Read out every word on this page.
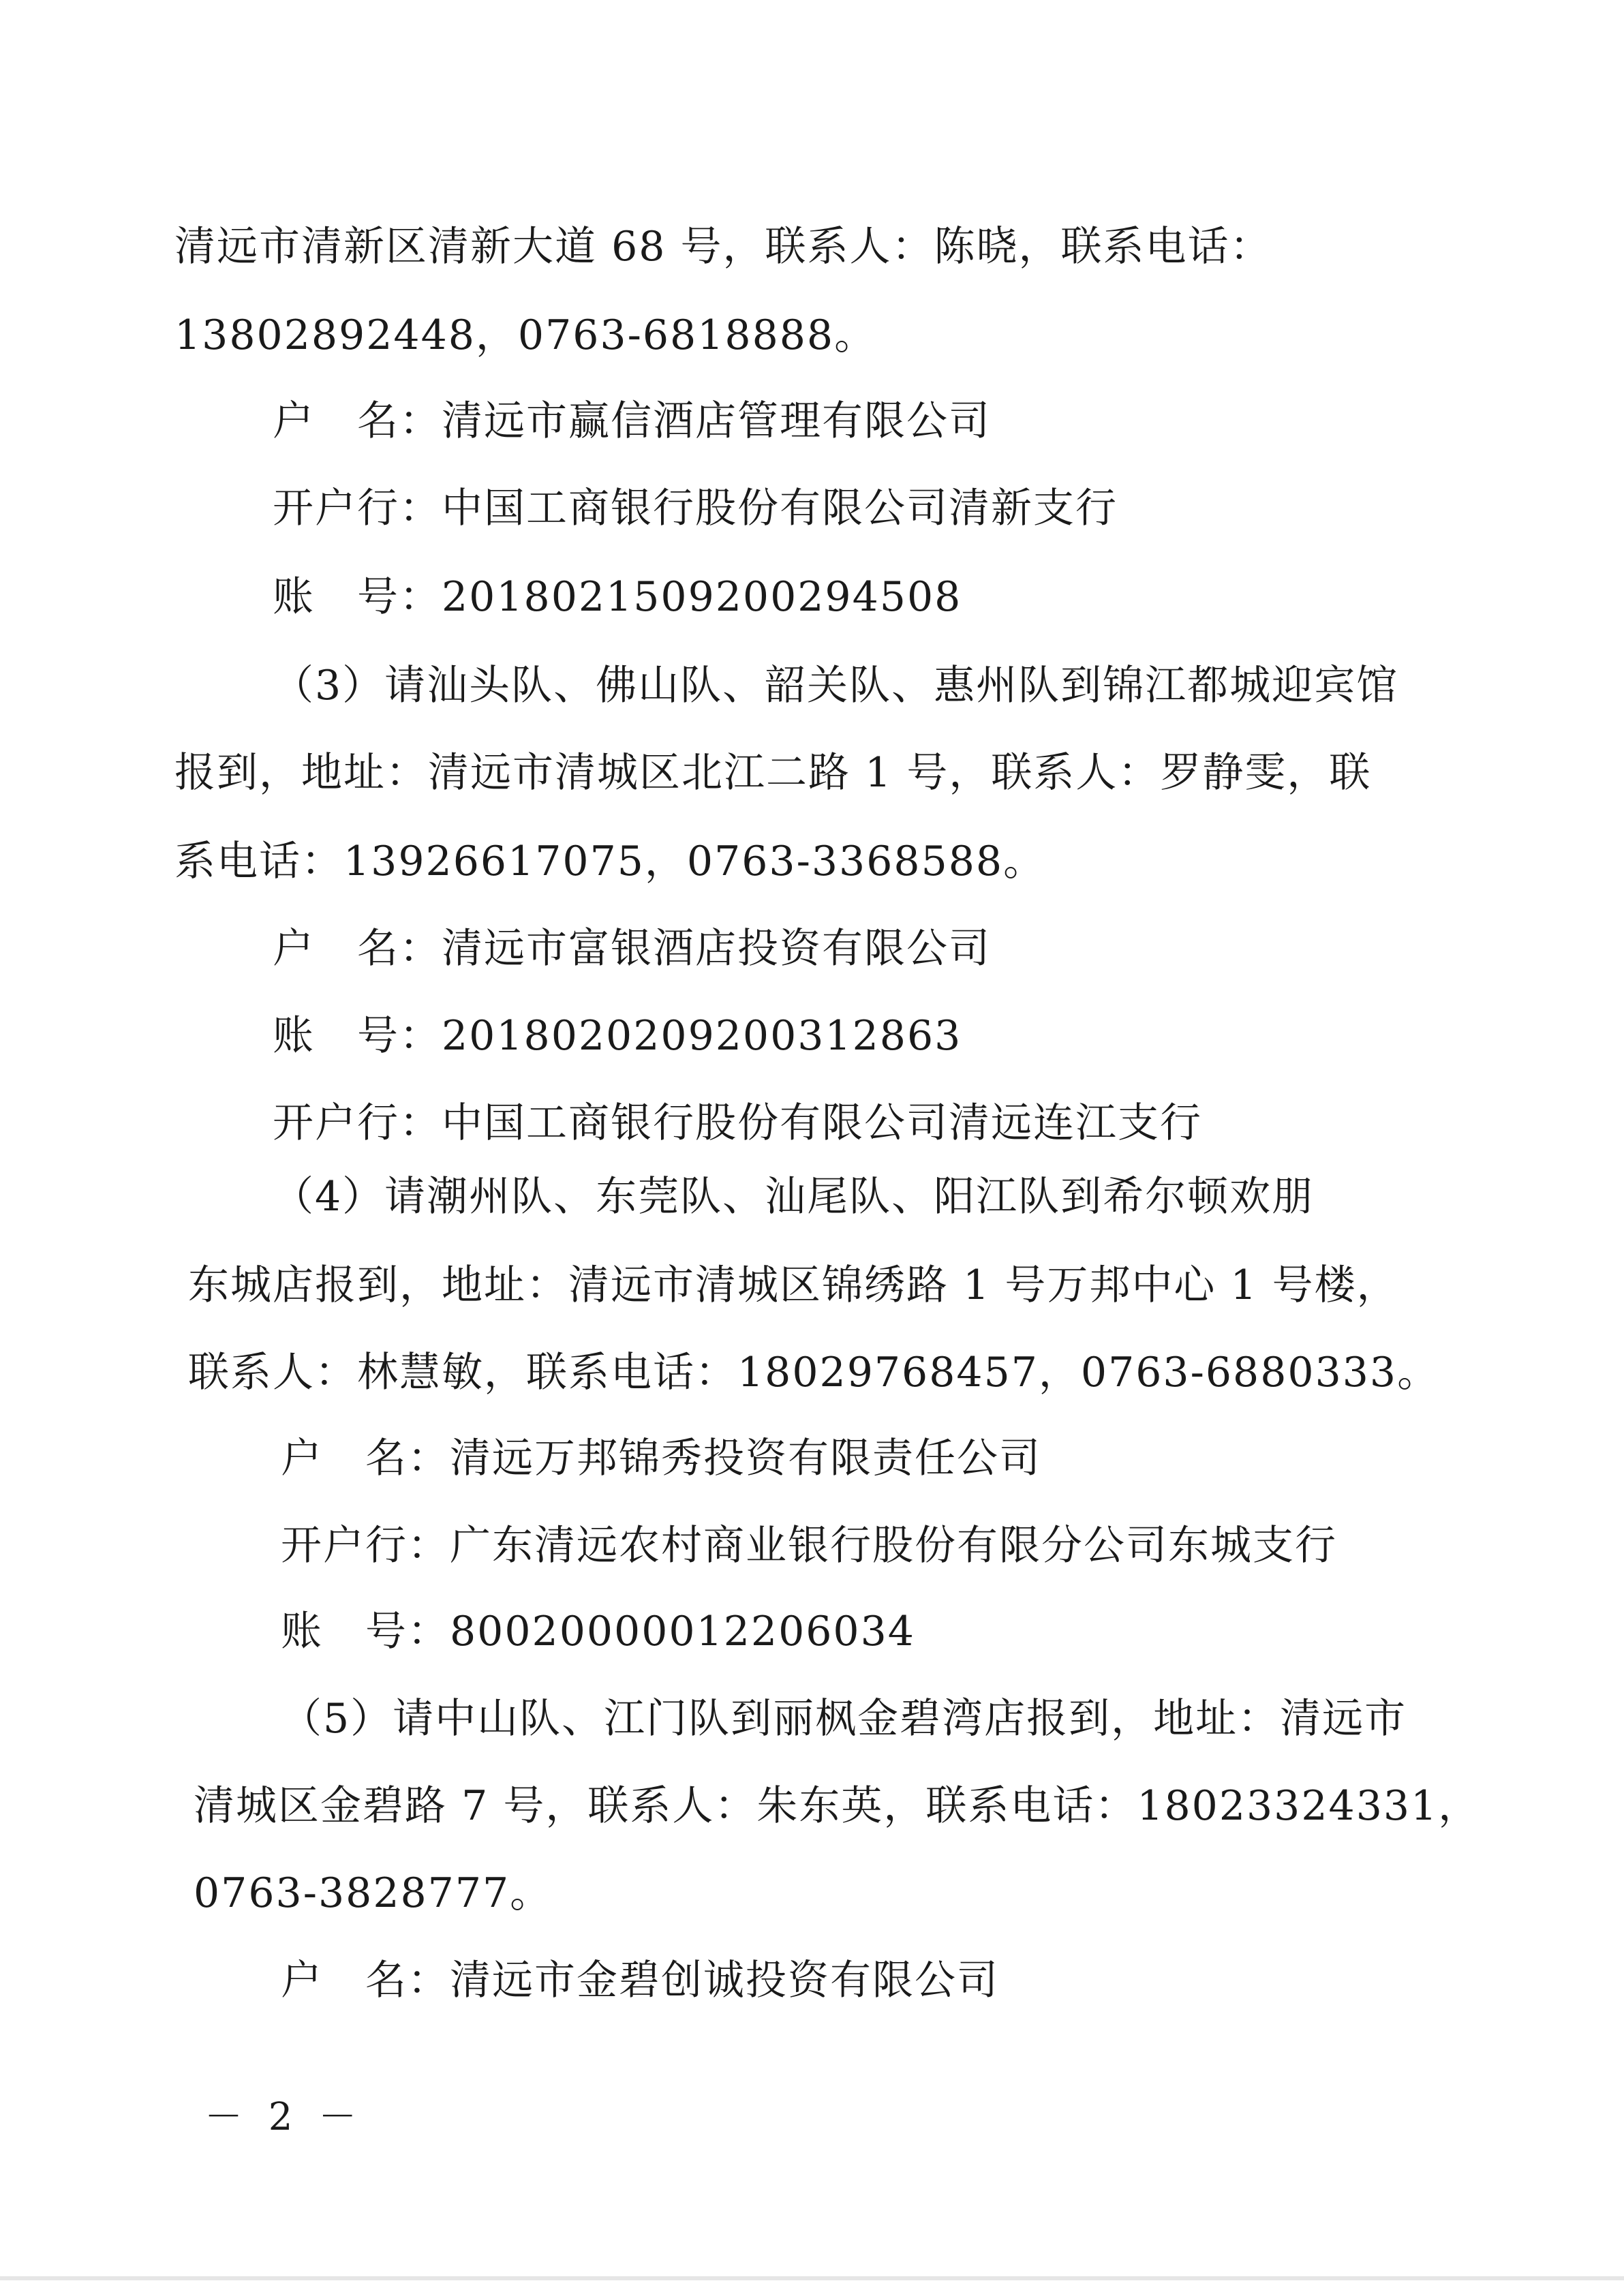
清远市清新区清新大道 68 号，联系人：陈晓，联系电话：
13802892448，0763-6818888。
户　名：清远市赢信酒店管理有限公司
开户行：中国工商银行股份有限公司清新支行
账　号：2018021509200294508
（3）请汕头队、佛山队、韶关队、惠州队到锦江都城迎宾馆
报到，地址：清远市清城区北江二路 1 号，联系人：罗静雯，联
系电话：13926617075，0763-3368588。
户　名：清远市富银酒店投资有限公司
账　号：2018020209200312863
开户行：中国工商银行股份有限公司清远连江支行
（4）请潮州队、东莞队、汕尾队、阳江队到希尔顿欢朋
东城店报到，地址：清远市清城区锦绣路 1 号万邦中心 1 号楼，
联系人：林慧敏，联系电话：18029768457，0763-6880333。
户　名：清远万邦锦秀投资有限责任公司
开户行：广东清远农村商业银行股份有限分公司东城支行
账　号：80020000012206034
（5）请中山队、江门队到丽枫金碧湾店报到，地址：清远市
清城区金碧路 7 号，联系人：朱东英，联系电话：18023324331，
0763-3828777。
户　名：清远市金碧创诚投资有限公司
－ 2 －
